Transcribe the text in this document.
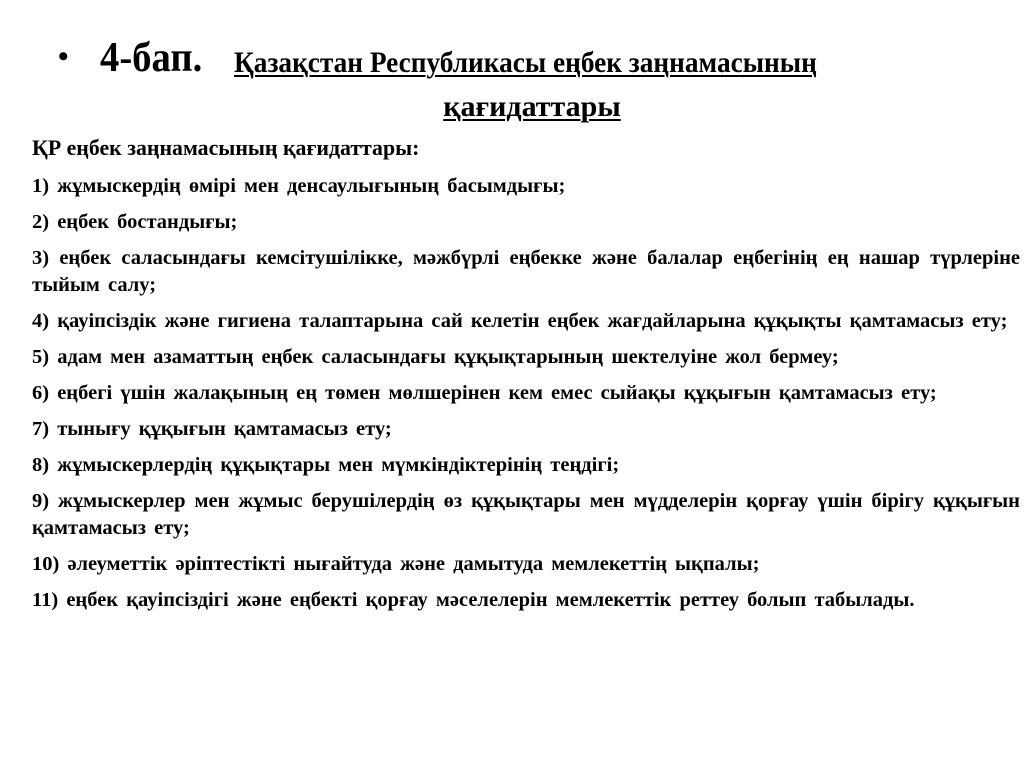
• 4-бап. Қазақстан Республикасы еңбек заңнамасының
қағидаттары
ҚР еңбек заңнамасының қағидаттары:
1) жұмыскердің өмірі мен денсаулығының басымдығы;
2) еңбек бостандығы;
3) еңбек саласындағы кемсітушілікке, мәжбүрлі еңбекке және балалар еңбегінің ең нашар түрлеріне тыйым салу;
4) қауіпсіздік және гигиена талаптарына сай келетін еңбек жағдайларына құқықты қамтамасыз ету;
5) адам мен азаматтың еңбек саласындағы құқықтарының шектелуіне жол бермеу;
6) еңбегі үшін жалақының ең төмен мөлшерінен кем емес сыйақы құқығын қамтамасыз ету;
7) тынығу құқығын қамтамасыз ету;
8) жұмыскерлердің құқықтары мен мүмкіндіктерінің теңдігі;
9) жұмыскерлер мен жұмыс берушілердің өз құқықтары мен мүдделерін қорғау үшін бірігу құқығын қамтамасыз ету;
10) әлеуметтік әріптестікті нығайтуда және дамытуда мемлекеттің ықпалы;
11) еңбек қауіпсіздігі және еңбекті қорғау мәселелерін мемлекеттік реттеу болып табылады.
